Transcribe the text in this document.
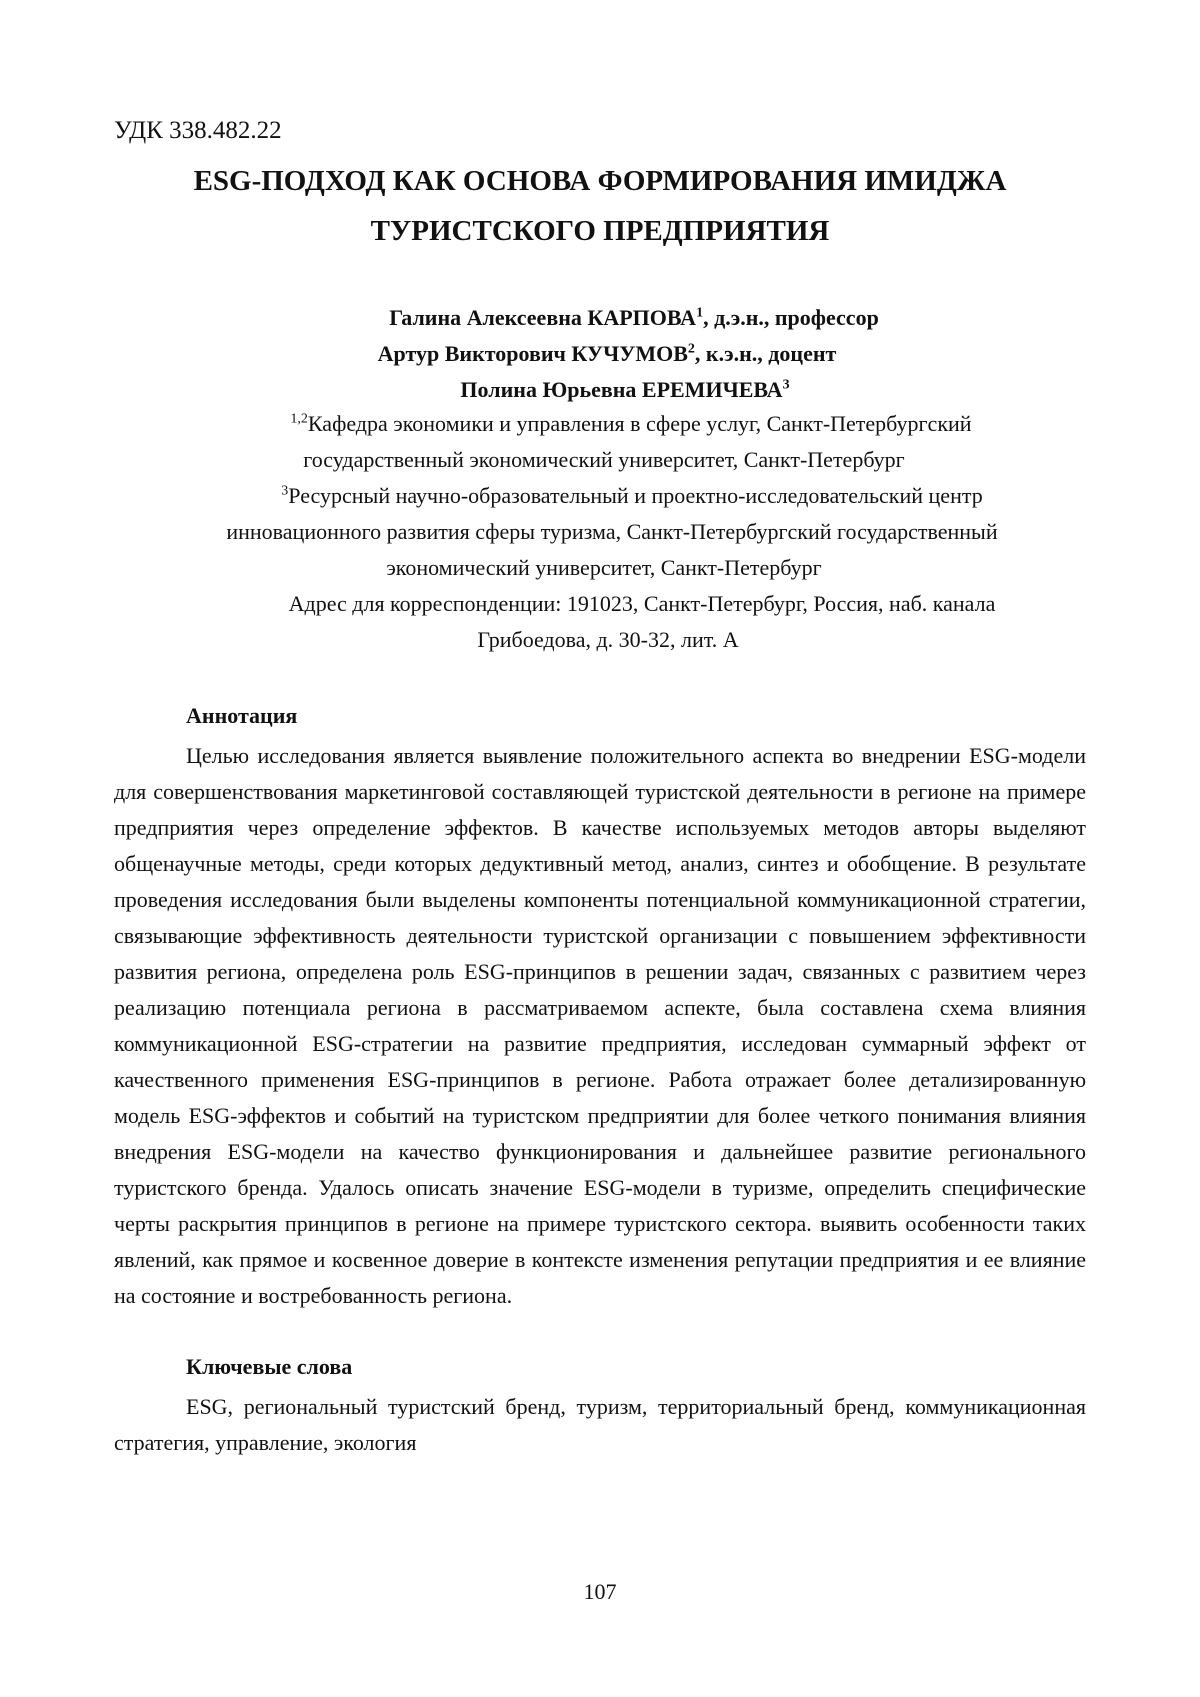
УДК 338.482.22

ESG-ПОДХОД КАК ОСНОВА ФОРМИРОВАНИЯ ИМИДЖА
ТУРИСТСКОГО ПРЕДПРИЯТИЯ
Галина Алексеевна КАРПОВА$^1$, д.э.н., профессор
Артур Викторович КУЧУМОВ$^2$, к.э.н., доцент
Полина Юрьевна ЕРЕМИЧЕВА$^3$
$^{1,2}$Кафедра экономики и управления в сфере услуг, Санкт-Петербургский
государственный экономический университет, Санкт-Петербург
$^3$Ресурсный научно-образовательный и проектно-исследовательский центр
инновационного развития сферы туризма, Санкт-Петербургский государственный
экономический университет, Санкт-Петербург
Адрес для корреспонденции: 191023, Санкт-Петербург, Россия, наб. канала
Грибоедова, д. 30-32, лит. А
Аннотация

Целью исследования является выявление положительного аспекта во внедрении ESG-модели для совершенствования маркетинговой составляющей туристской деятельности в регионе на примере предприятия через определение эффектов. В качестве используемых методов авторы выделяют общенаучные методы, среди которых дедуктивный метод, анализ, синтез и обобщение. В результате проведения исследования были выделены компоненты потенциальной коммуникационной стратегии, связывающие эффективность деятельности туристской организации с повышением эффективности развития региона, определена роль ESG-принципов в решении задач, связанных с развитием через реализацию потенциала региона в рассматриваемом аспекте, была составлена схема влияния коммуникационной ESG-стратегии на развитие предприятия, исследован суммарный эффект от качественного применения ESG-принципов в регионе. Работа отражает более детализированную модель ESG-эффектов и событий на туристском предприятии для более четкого понимания влияния внедрения ESG-модели на качество функционирования и дальнейшее развитие регионального туристского бренда. Удалось описать значение ESG-модели в туризме, определить специфические черты раскрытия принципов в регионе на примере туристского сектора. выявить особенности таких явлений, как прямое и косвенное доверие в контексте изменения репутации предприятия и ее влияние на состояние и востребованность региона.

Ключевые слова

ESG, региональный туристский бренд, туризм, территориальный бренд, коммуникационная стратегия, управление, экология

107
